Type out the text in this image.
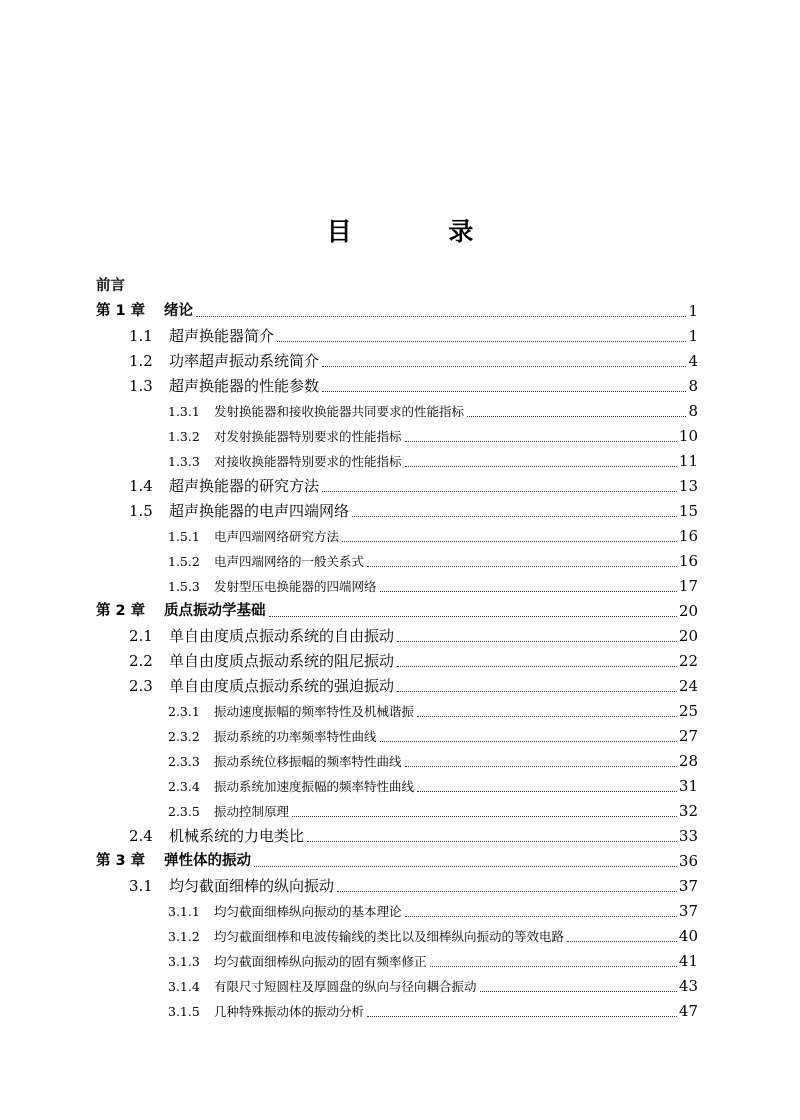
目 录
前言
第 1 章	绪论	1
1.1	超声换能器简介	1
1.2	功率超声振动系统简介	4
1.3	超声换能器的性能参数	8
1.3.1	发射换能器和接收换能器共同要求的性能指标	8
1.3.2	对发射换能器特别要求的性能指标	10
1.3.3	对接收换能器特别要求的性能指标	11
1.4	超声换能器的研究方法	13
1.5	超声换能器的电声四端网络	15
1.5.1	电声四端网络研究方法	16
1.5.2	电声四端网络的一般关系式	16
1.5.3	发射型压电换能器的四端网络	17
第 2 章	质点振动学基础	20
2.1	单自由度质点振动系统的自由振动	20
2.2	单自由度质点振动系统的阻尼振动	22
2.3	单自由度质点振动系统的强迫振动	24
2.3.1	振动速度振幅的频率特性及机械谐振	25
2.3.2	振动系统的功率频率特性曲线	27
2.3.3	振动系统位移振幅的频率特性曲线	28
2.3.4	振动系统加速度振幅的频率特性曲线	31
2.3.5	振动控制原理	32
2.4	机械系统的力电类比	33
第 3 章	弹性体的振动	36
3.1	均匀截面细棒的纵向振动	37
3.1.1	均匀截面细棒纵向振动的基本理论	37
3.1.2	均匀截面细棒和电波传输线的类比以及细棒纵向振动的等效电路	40
3.1.3	均匀截面细棒纵向振动的固有频率修正	41
3.1.4	有限尺寸短圆柱及厚圆盘的纵向与径向耦合振动	43
3.1.5	几种特殊振动体的振动分析	47
